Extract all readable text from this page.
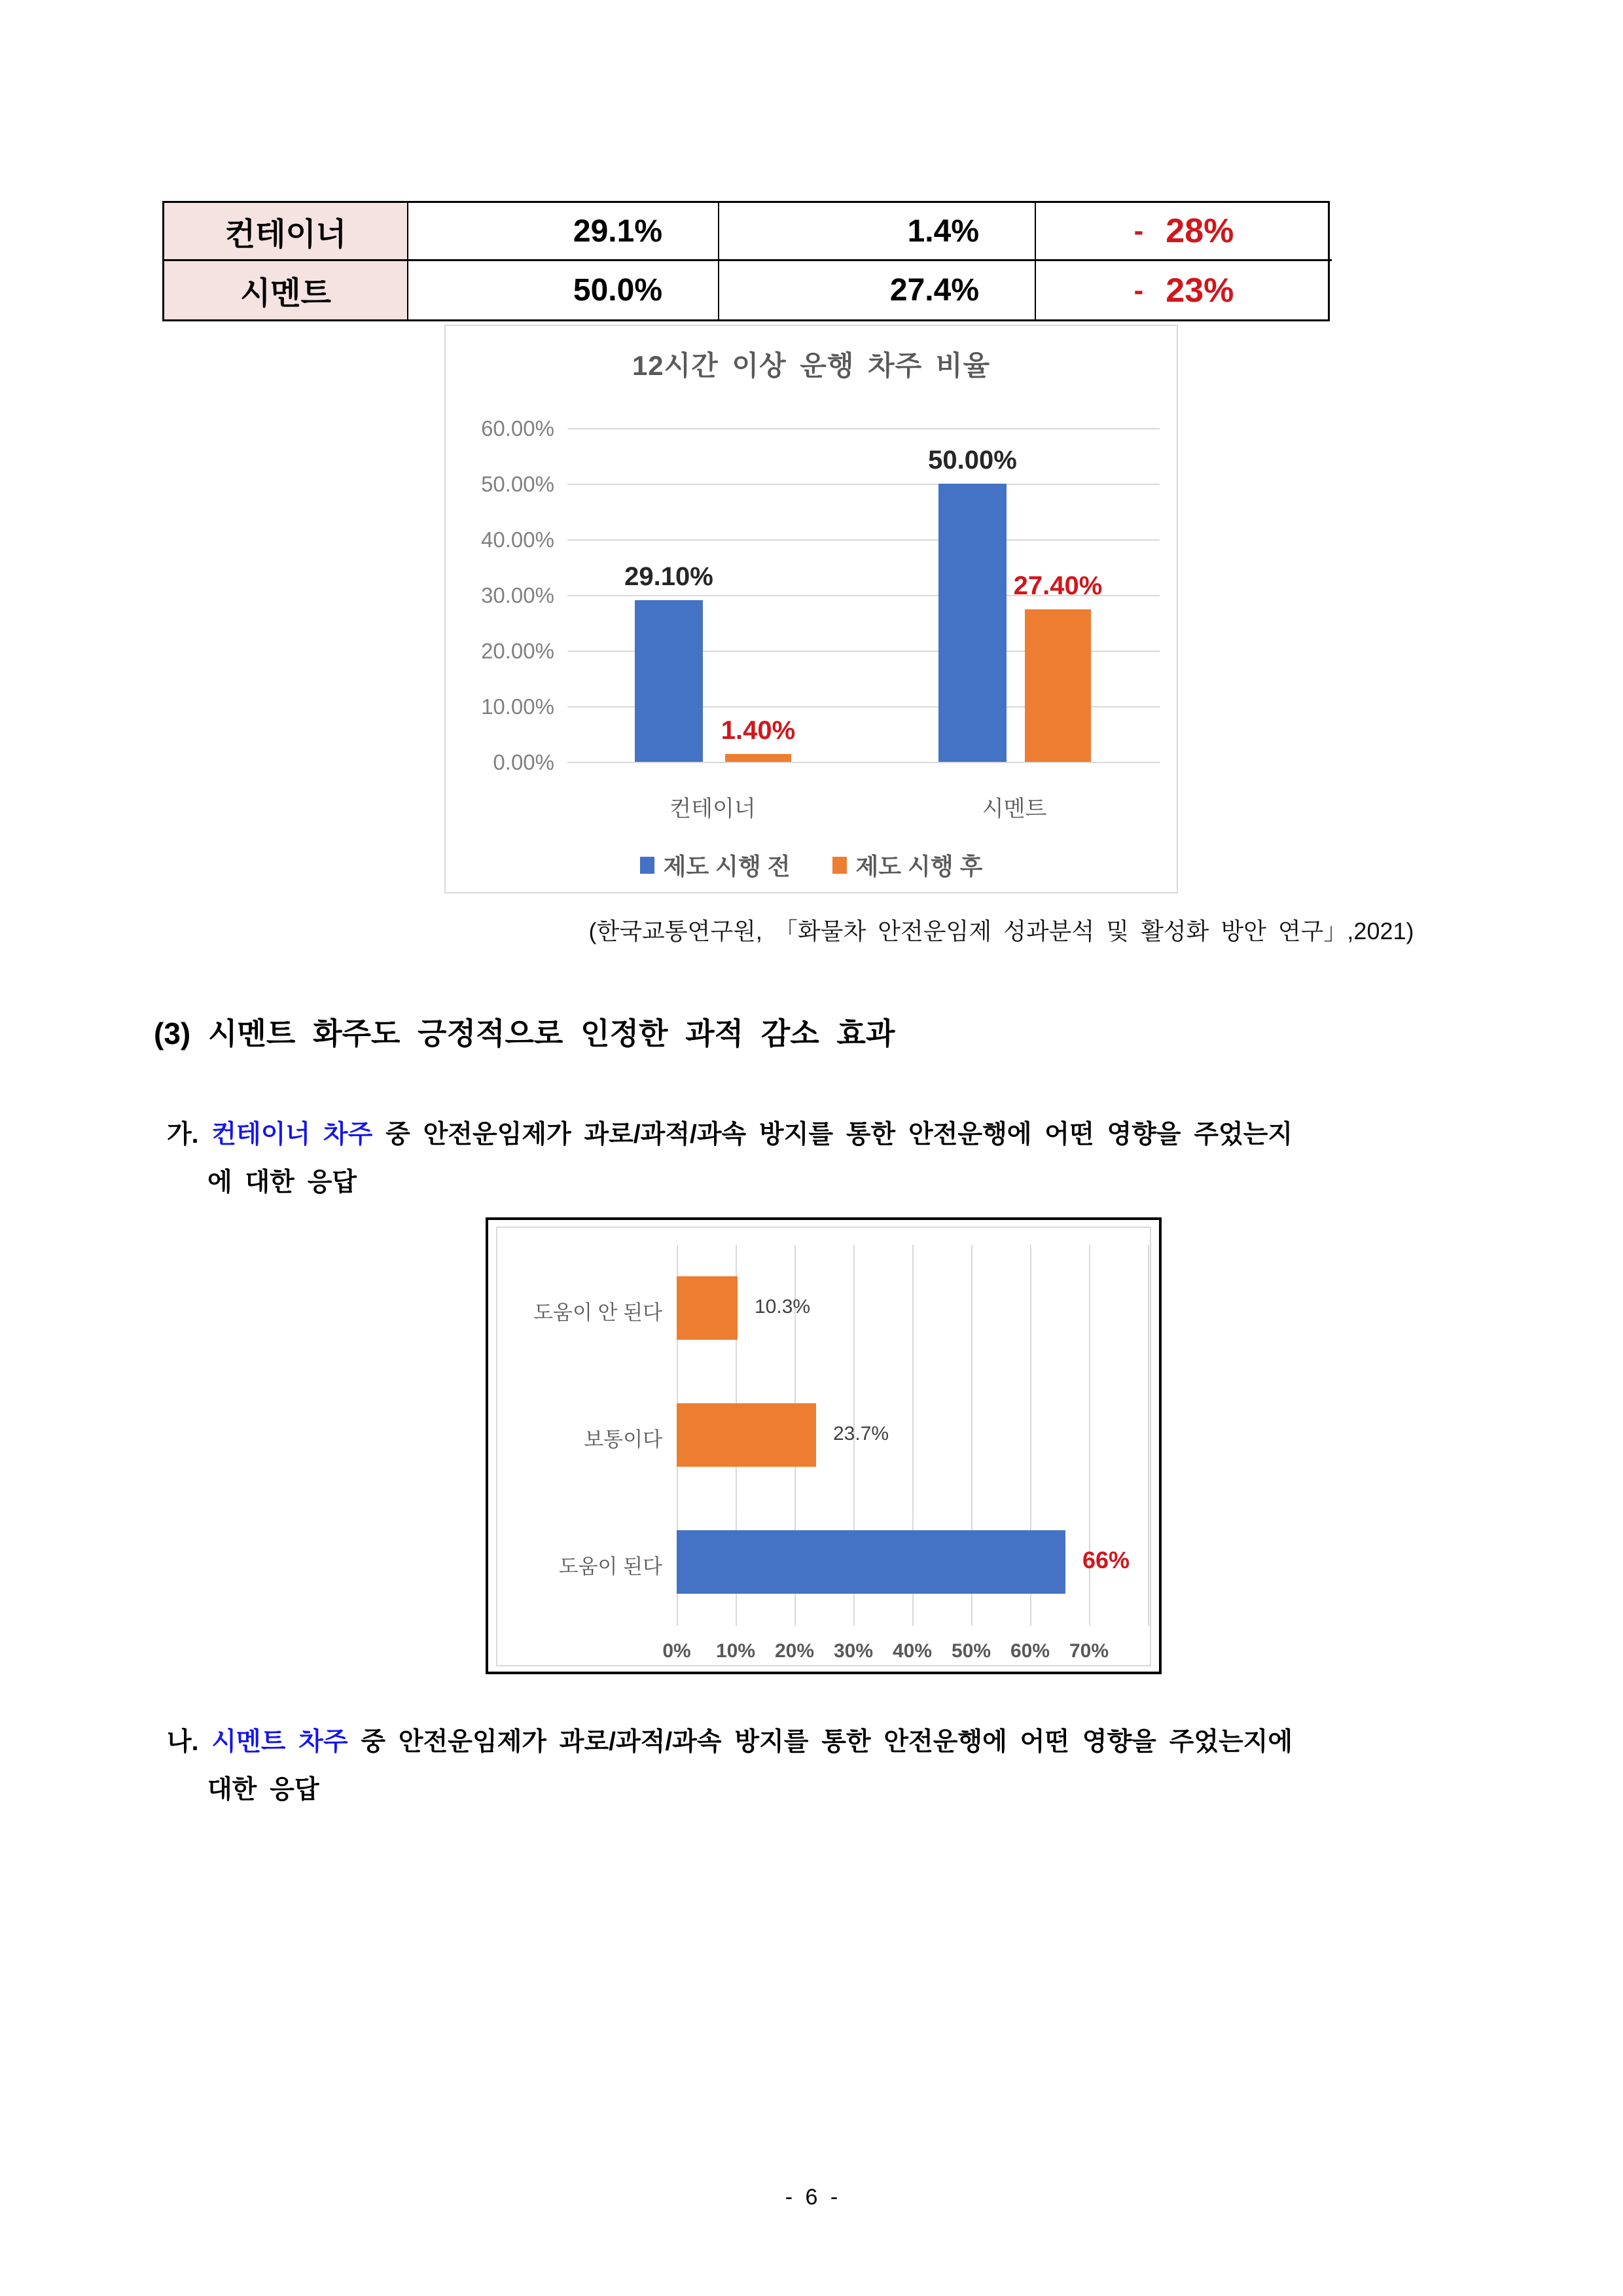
컨테이너	29.1%	1.4%	- 28%
시멘트	50.0%	27.4%	- 23%
12시간 이상 운행 차주 비율
60.00%
50.00%
40.00%
30.00%
20.00%
10.00%
0.00%
29.10%
50.00%
1.40%
27.40%
컨테이너	시멘트
제도 시행 전	제도 시행 후
(한국교통연구원, 「화물차 안전운임제 성과분석 및 활성화 방안 연구」,2021)
(3) 시멘트 화주도 긍정적으로 인정한 과적 감소 효과
가. 컨테이너 차주 중 안전운임제가 과로/과적/과속 방지를 통한 안전운행에 어떤 영향을 주었는지
에 대한 응답
도움이 안 된다	10.3%
보통이다	23.7%
도움이 된다	66%
0%	10% 20% 30% 40% 50% 60% 70%
나. 시멘트 차주 중 안전운임제가 과로/과적/과속 방지를 통한 안전운행에 어떤 영향을 주었는지에
대한 응답
- 6 -
